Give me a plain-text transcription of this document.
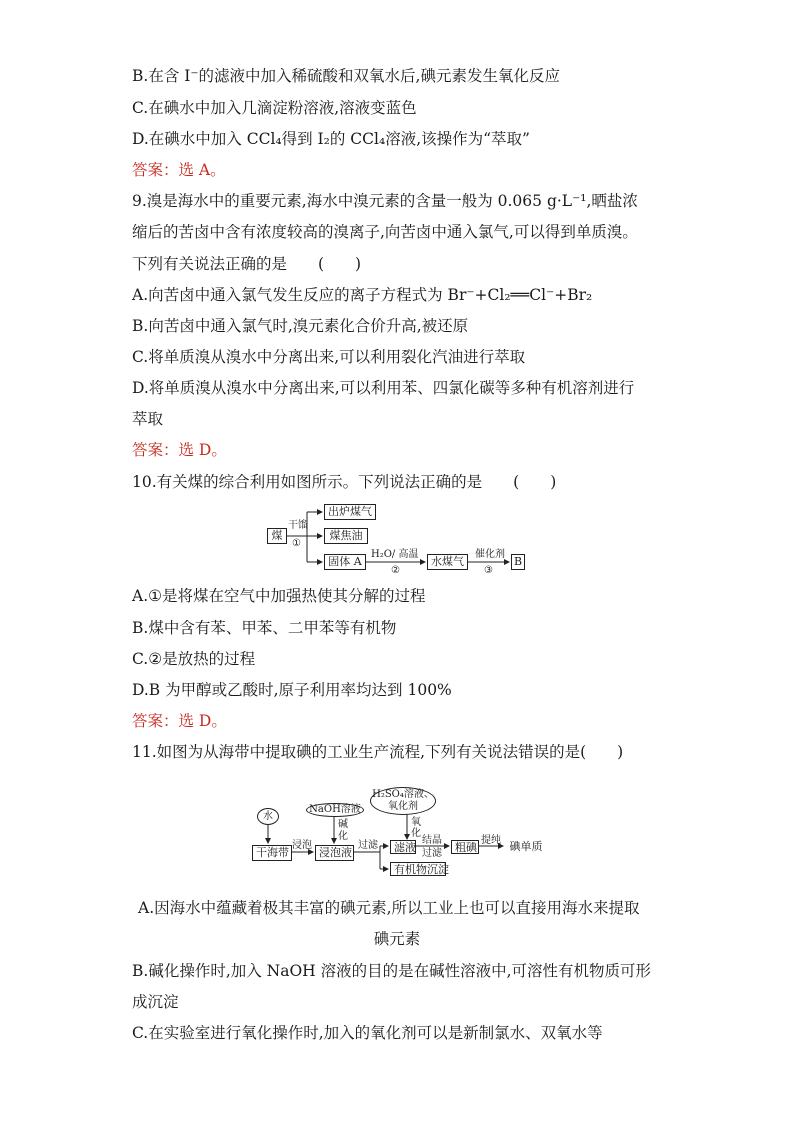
B.在含 I⁻的滤液中加入稀硫酸和双氧水后,碘元素发生氧化反应
C.在碘水中加入几滴淀粉溶液,溶液变蓝色
D.在碘水中加入 CCl₄得到 I₂的 CCl₄溶液,该操作为“萃取”
答案：选 A。
9.溴是海水中的重要元素,海水中溴元素的含量一般为 0.065 g·L⁻¹,晒盐浓
缩后的苦卤中含有浓度较高的溴离子,向苦卤中通入氯气,可以得到单质溴。
下列有关说法正确的是　　(　　)
A.向苦卤中通入氯气发生反应的离子方程式为 Br⁻+Cl₂══Cl⁻+Br₂
B.向苦卤中通入氯气时,溴元素化合价升高,被还原
C.将单质溴从溴水中分离出来,可以利用裂化汽油进行萃取
D.将单质溴从溴水中分离出来,可以利用苯、四氯化碳等多种有机溶剂进行
萃取
答案：选 D。
10.有关煤的综合利用如图所示。下列说法正确的是　　(　　)
煤
干馏
①
出炉煤气
煤焦油
固体 A
H₂O/ 高温
②
水煤气
催化剂
③
B
A.①是将煤在空气中加强热使其分解的过程
B.煤中含有苯、甲苯、二甲苯等有机物
C.②是放热的过程
D.B 为甲醇或乙酸时,原子利用率均达到 100%
答案：选 D。
11.如图为从海带中提取碘的工业生产流程,下列有关说法错误的是(　　)
水
NaOH溶液
H₂SO₄溶液、
氧化剂
碱化
氧化
干海带
浸泡
浸泡液
过滤	滤液
结晶
过滤	粗碘
提纯 碘单质
有机物沉淀
A.因海水中蕴藏着极其丰富的碘元素,所以工业上也可以直接用海水来提取
碘元素
B.碱化操作时,加入 NaOH 溶液的目的是在碱性溶液中,可溶性有机物质可形
成沉淀
C.在实验室进行氧化操作时,加入的氧化剂可以是新制氯水、双氧水等
